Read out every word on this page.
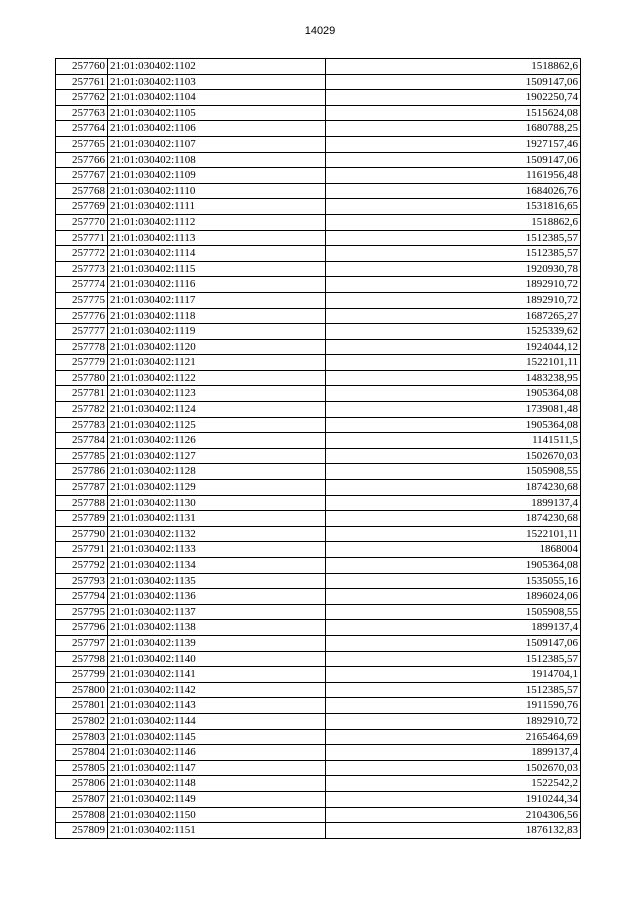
14029
257760	21:01:030402:1102	1518862,6
257761	21:01:030402:1103	1509147,06
257762	21:01:030402:1104	1902250,74
257763	21:01:030402:1105	1515624,08
257764	21:01:030402:1106	1680788,25
257765	21:01:030402:1107	1927157,46
257766	21:01:030402:1108	1509147,06
257767	21:01:030402:1109	1161956,48
257768	21:01:030402:1110	1684026,76
257769	21:01:030402:1111	1531816,65
257770	21:01:030402:1112	1518862,6
257771	21:01:030402:1113	1512385,57
257772	21:01:030402:1114	1512385,57
257773	21:01:030402:1115	1920930,78
257774	21:01:030402:1116	1892910,72
257775	21:01:030402:1117	1892910,72
257776	21:01:030402:1118	1687265,27
257777	21:01:030402:1119	1525339,62
257778	21:01:030402:1120	1924044,12
257779	21:01:030402:1121	1522101,11
257780	21:01:030402:1122	1483238,95
257781	21:01:030402:1123	1905364,08
257782	21:01:030402:1124	1739081,48
257783	21:01:030402:1125	1905364,08
257784	21:01:030402:1126	1141511,5
257785	21:01:030402:1127	1502670,03
257786	21:01:030402:1128	1505908,55
257787	21:01:030402:1129	1874230,68
257788	21:01:030402:1130	1899137,4
257789	21:01:030402:1131	1874230,68
257790	21:01:030402:1132	1522101,11
257791	21:01:030402:1133	1868004
257792	21:01:030402:1134	1905364,08
257793	21:01:030402:1135	1535055,16
257794	21:01:030402:1136	1896024,06
257795	21:01:030402:1137	1505908,55
257796	21:01:030402:1138	1899137,4
257797	21:01:030402:1139	1509147,06
257798	21:01:030402:1140	1512385,57
257799	21:01:030402:1141	1914704,1
257800	21:01:030402:1142	1512385,57
257801	21:01:030402:1143	1911590,76
257802	21:01:030402:1144	1892910,72
257803	21:01:030402:1145	2165464,69
257804	21:01:030402:1146	1899137,4
257805	21:01:030402:1147	1502670,03
257806	21:01:030402:1148	1522542,2
257807	21:01:030402:1149	1910244,34
257808	21:01:030402:1150	2104306,56
257809	21:01:030402:1151	1876132,83
